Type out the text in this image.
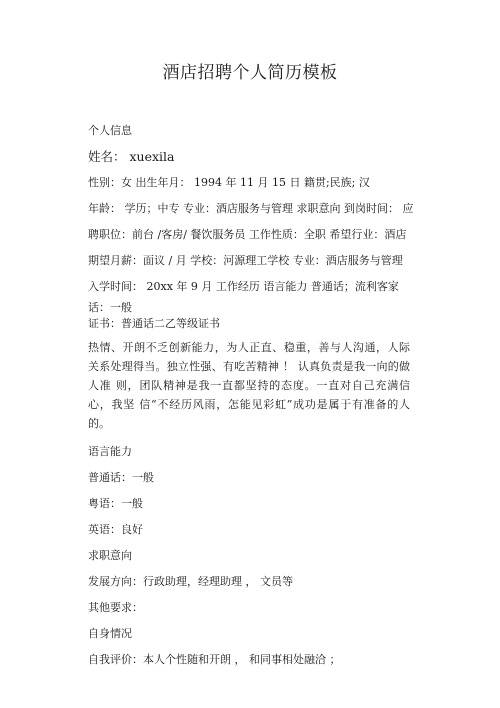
酒店招聘个人简历模板
个人信息
姓名： xuexila
性别：女 出生年月： 1994 年 11 月 15 日 籍贯;民族; 汉
年龄： 学历；中专 专业：酒店服务与管理 求职意向 到岗时间： 应
聘职位：前台 /客房/ 餐饮服务员 工作性质：全职 希望行业：酒店
期望月薪：面议 / 月 学校：河源理工学校 专业：酒店服务与管理
入学时间： 20xx 年 9 月 工作经历 语言能力 普通话；流利客家
话：一般
证书：普通话二乙等级证书
热情、开朗不乏创新能力，为人正直、稳重，善与人沟通，人际 关系处理得当。独立性强、有吃苦精神 ！ 认真负责是我一向的做人准 则，团队精神是我一直都坚持的态度。一直对自己充满信心，我坚 信“不经历风雨，怎能见彩虹”成功是属于有准备的人的。
语言能力
普通话：一般
粤语：一般
英语：良好
求职意向
发展方向：行政助理，经理助理 ， 文员等
其他要求：
自身情况
自我评价：本人个性随和开朗 ， 和同事相处融洽 ；
